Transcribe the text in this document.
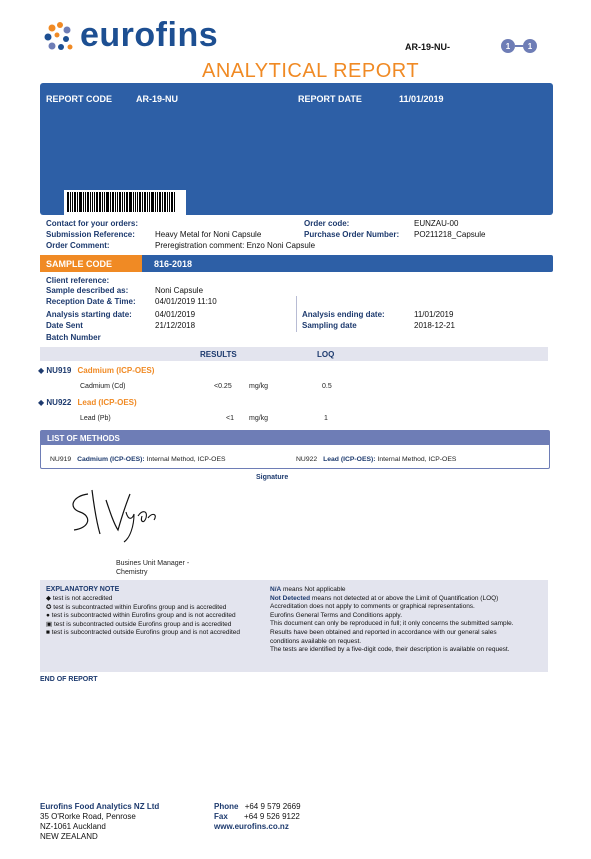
eurofins
ANALYTICAL REPORT
AR-19-NU-	1	1
REPORT CODE	AR-19-NU	REPORT DATE	11/01/2019
Contact for your orders:	Order code:	EUNZAU-00
Submission Reference:	Heavy Metal for Noni Capsule	Purchase Order Number: PO211218_Capsule
Order Comment:	Preregistration comment: Enzo Noni Capsule
SAMPLE CODE	816-2018
Client reference:
Sample described as:	Noni Capsule
Reception Date & Time: 04/01/2019 11:10
Analysis starting date:	04/01/2019	Analysis ending date:	11/01/2019
Date Sent	21/12/2018	Sampling date	2018-12-21
Batch Number
RESULTS	LOQ
◆ NU919 Cadmium (ICP-OES)
Cadmium (Cd)	<0.25 mg/kg	0.5
◆ NU922 Lead (ICP-OES)
Lead (Pb)	<1 mg/kg	1
LIST OF METHODS
NU919 Cadmium (ICP-OES): Internal Method, ICP-OES	NU922 Lead (ICP-OES): Internal Method, ICP-OES
Signature
Busines Unit Manager -
Chemistry
EXPLANATORY NOTE
◆ test is not accredited
✪ test is subcontracted within Eurofins group and is accredited
● test is subcontracted within Eurofins group and is not accredited
▣ test is subcontracted outside Eurofins group and is accredited
■ test is subcontracted outside Eurofins group and is not accredited
N/A means Not applicable
Not Detected means not detected at or above the Limit of Quantification (LOQ)
Accreditation does not apply to comments or graphical representations.
Eurofins General Terms and Conditions apply.
This document can only be reproduced in full; it only concerns the submitted sample.
Results have been obtained and reported in accordance with our general sales
conditions available on request.
The tests are identified by a five-digit code, their description is available on request.
END OF REPORT
Eurofins Food Analytics NZ Ltd
35 O'Rorke Road, Penrose
NZ-1061 Auckland
NEW ZEALAND
Phone +64 9 579 2669
Fax +64 9 526 9122
www.eurofins.co.nz
